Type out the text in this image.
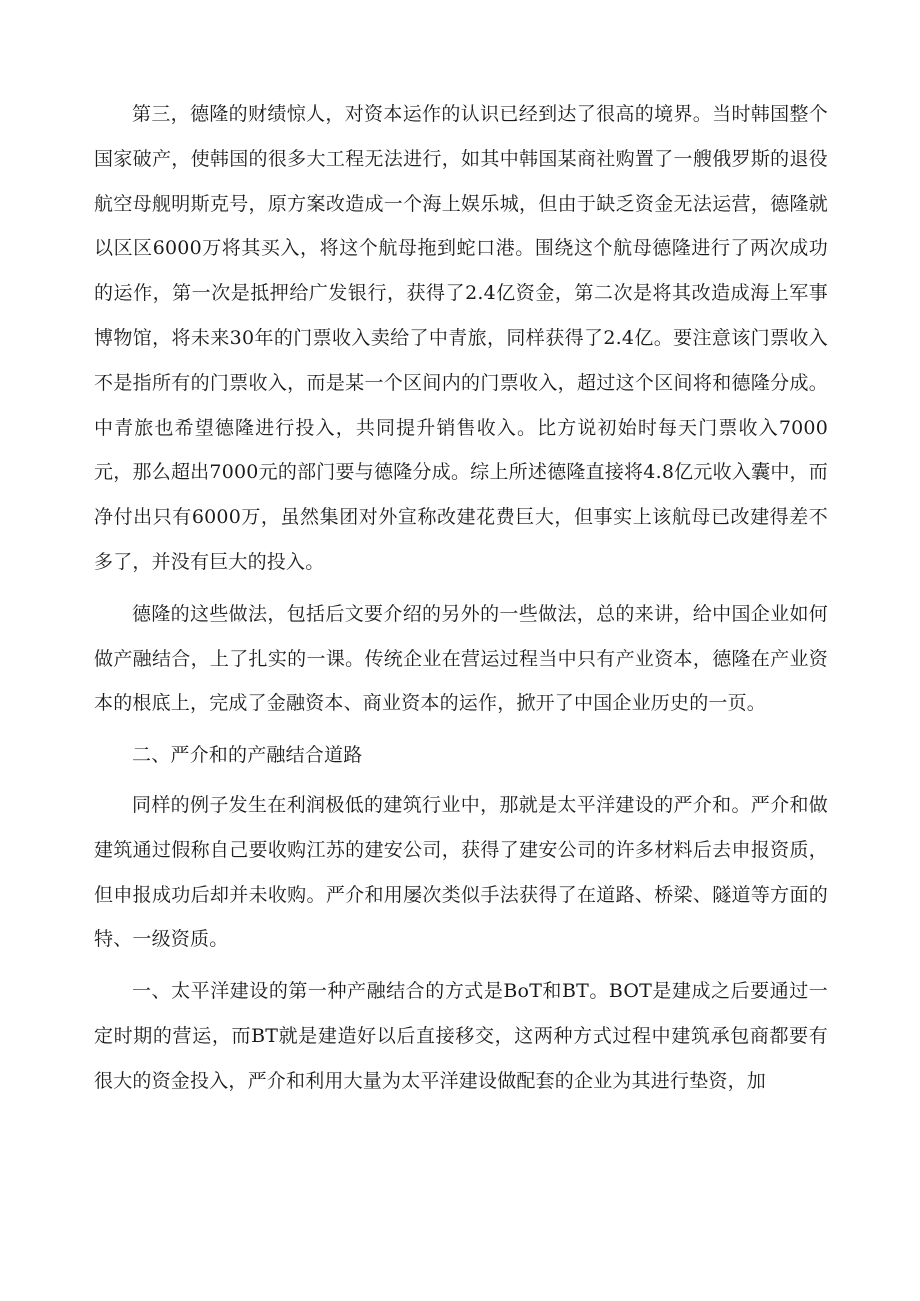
第三，德隆的财绩惊人，对资本运作的认识已经到达了很高的境界。当时韩国整个国家破产，使韩国的很多大工程无法进行，如其中韩国某商社购置了一艘俄罗斯的退役航空母舰明斯克号，原方案改造成一个海上娱乐城，但由于缺乏资金无法运营，德隆就以区区6000万将其买入，将这个航母拖到蛇口港。围绕这个航母德隆进行了两次成功的运作，第一次是抵押给广发银行，获得了2.4亿资金，第二次是将其改造成海上军事博物馆，将未来30年的门票收入卖给了中青旅，同样获得了2.4亿。要注意该门票收入不是指所有的门票收入，而是某一个区间内的门票收入，超过这个区间将和德隆分成。中青旅也希望德隆进行投入，共同提升销售收入。比方说初始时每天门票收入7000元，那么超出7000元的部门要与德隆分成。综上所述德隆直接将4.8亿元收入囊中，而净付出只有6000万，虽然集团对外宣称改建花费巨大，但事实上该航母已改建得差不多了，并没有巨大的投入。

德隆的这些做法，包括后文要介绍的另外的一些做法，总的来讲，给中国企业如何做产融结合，上了扎实的一课。传统企业在营运过程当中只有产业资本，德隆在产业资本的根底上，完成了金融资本、商业资本的运作，掀开了中国企业历史的一页。

二、严介和的产融结合道路

同样的例子发生在利润极低的建筑行业中，那就是太平洋建设的严介和。严介和做建筑通过假称自己要收购江苏的建安公司，获得了建安公司的许多材料后去申报资质，但申报成功后却并未收购。严介和用屡次类似手法获得了在道路、桥梁、隧道等方面的特、一级资质。

一、太平洋建设的第一种产融结合的方式是BoT和BT。BOT是建成之后要通过一定时期的营运，而BT就是建造好以后直接移交，这两种方式过程中建筑承包商都要有很大的资金投入，严介和利用大量为太平洋建设做配套的企业为其进行垫资，加
